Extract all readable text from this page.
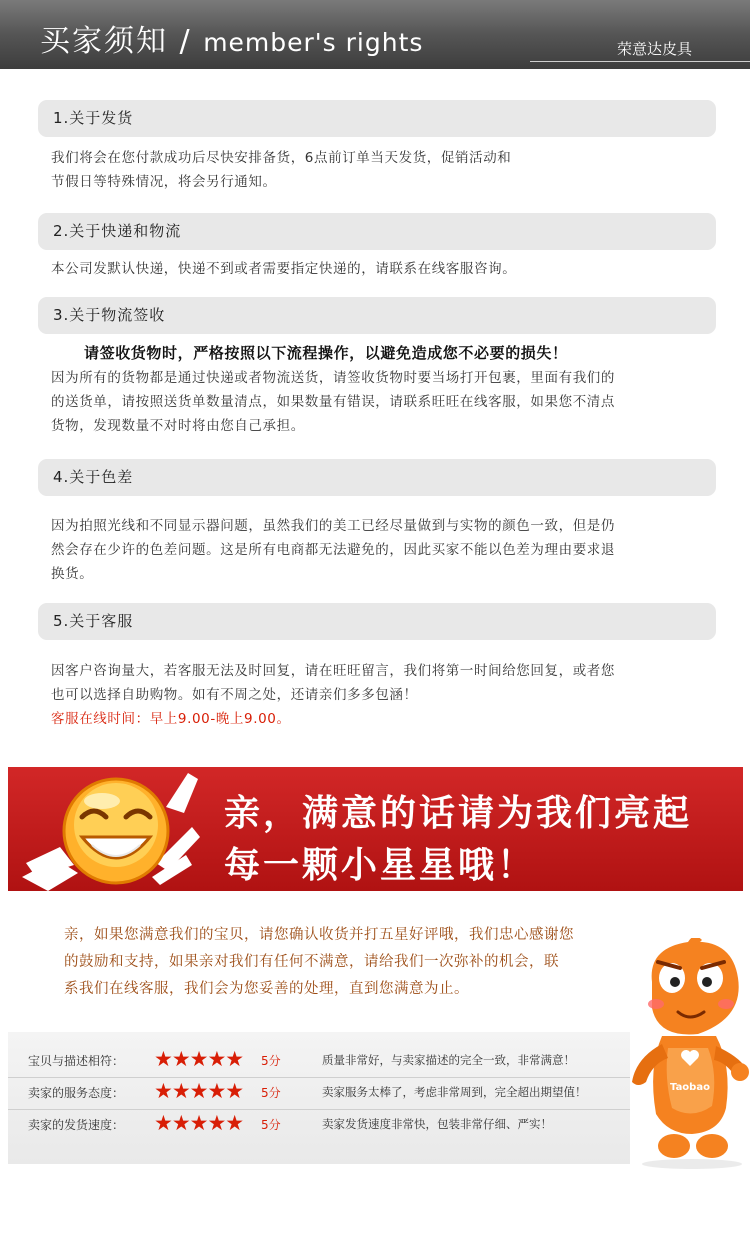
买家须知 / member's rights	荣意达皮具
1.关于发货
我们将会在您付款成功后尽快安排备货，6点前订单当天发货，促销活动和
节假日等特殊情况，将会另行通知。
2.关于快递和物流
本公司发默认快递，快递不到或者需要指定快递的，请联系在线客服咨询。
3.关于物流签收
请签收货物时，严格按照以下流程操作，以避免造成您不必要的损失！
因为所有的货物都是通过快递或者物流送货，请签收货物时要当场打开包裹，里面有我们的
的送货单，请按照送货单数量清点，如果数量有错误，请联系旺旺在线客服，如果您不清点
货物，发现数量不对时将由您自己承担。
4.关于色差
因为拍照光线和不同显示器问题，虽然我们的美工已经尽量做到与实物的颜色一致，但是仍
然会存在少许的色差问题。这是所有电商都无法避免的，因此买家不能以色差为理由要求退
换货。
5.关于客服
因客户咨询量大，若客服无法及时回复，请在旺旺留言，我们将第一时间给您回复，或者您
也可以选择自助购物。如有不周之处，还请亲们多多包涵！
客服在线时间：早上9.00-晚上9.00。
亲，满意的话请为我们亮起
每一颗小星星哦！
亲，如果您满意我们的宝贝，请您确认收货并打五星好评哦，我们忠心感谢您
的鼓励和支持，如果亲对我们有任何不满意，请给我们一次弥补的机会，联
系我们在线客服，我们会为您妥善的处理，直到您满意为止。
宝贝与描述相符： ★★★★★ 5分	质量非常好，与卖家描述的完全一致，非常满意！
卖家的服务态度： ★★★★★ 5分	卖家服务太棒了，考虑非常周到，完全超出期望值！
卖家的发货速度： ★★★★★ 5分	卖家发货速度非常快，包装非常仔细、严实！
Taobao
